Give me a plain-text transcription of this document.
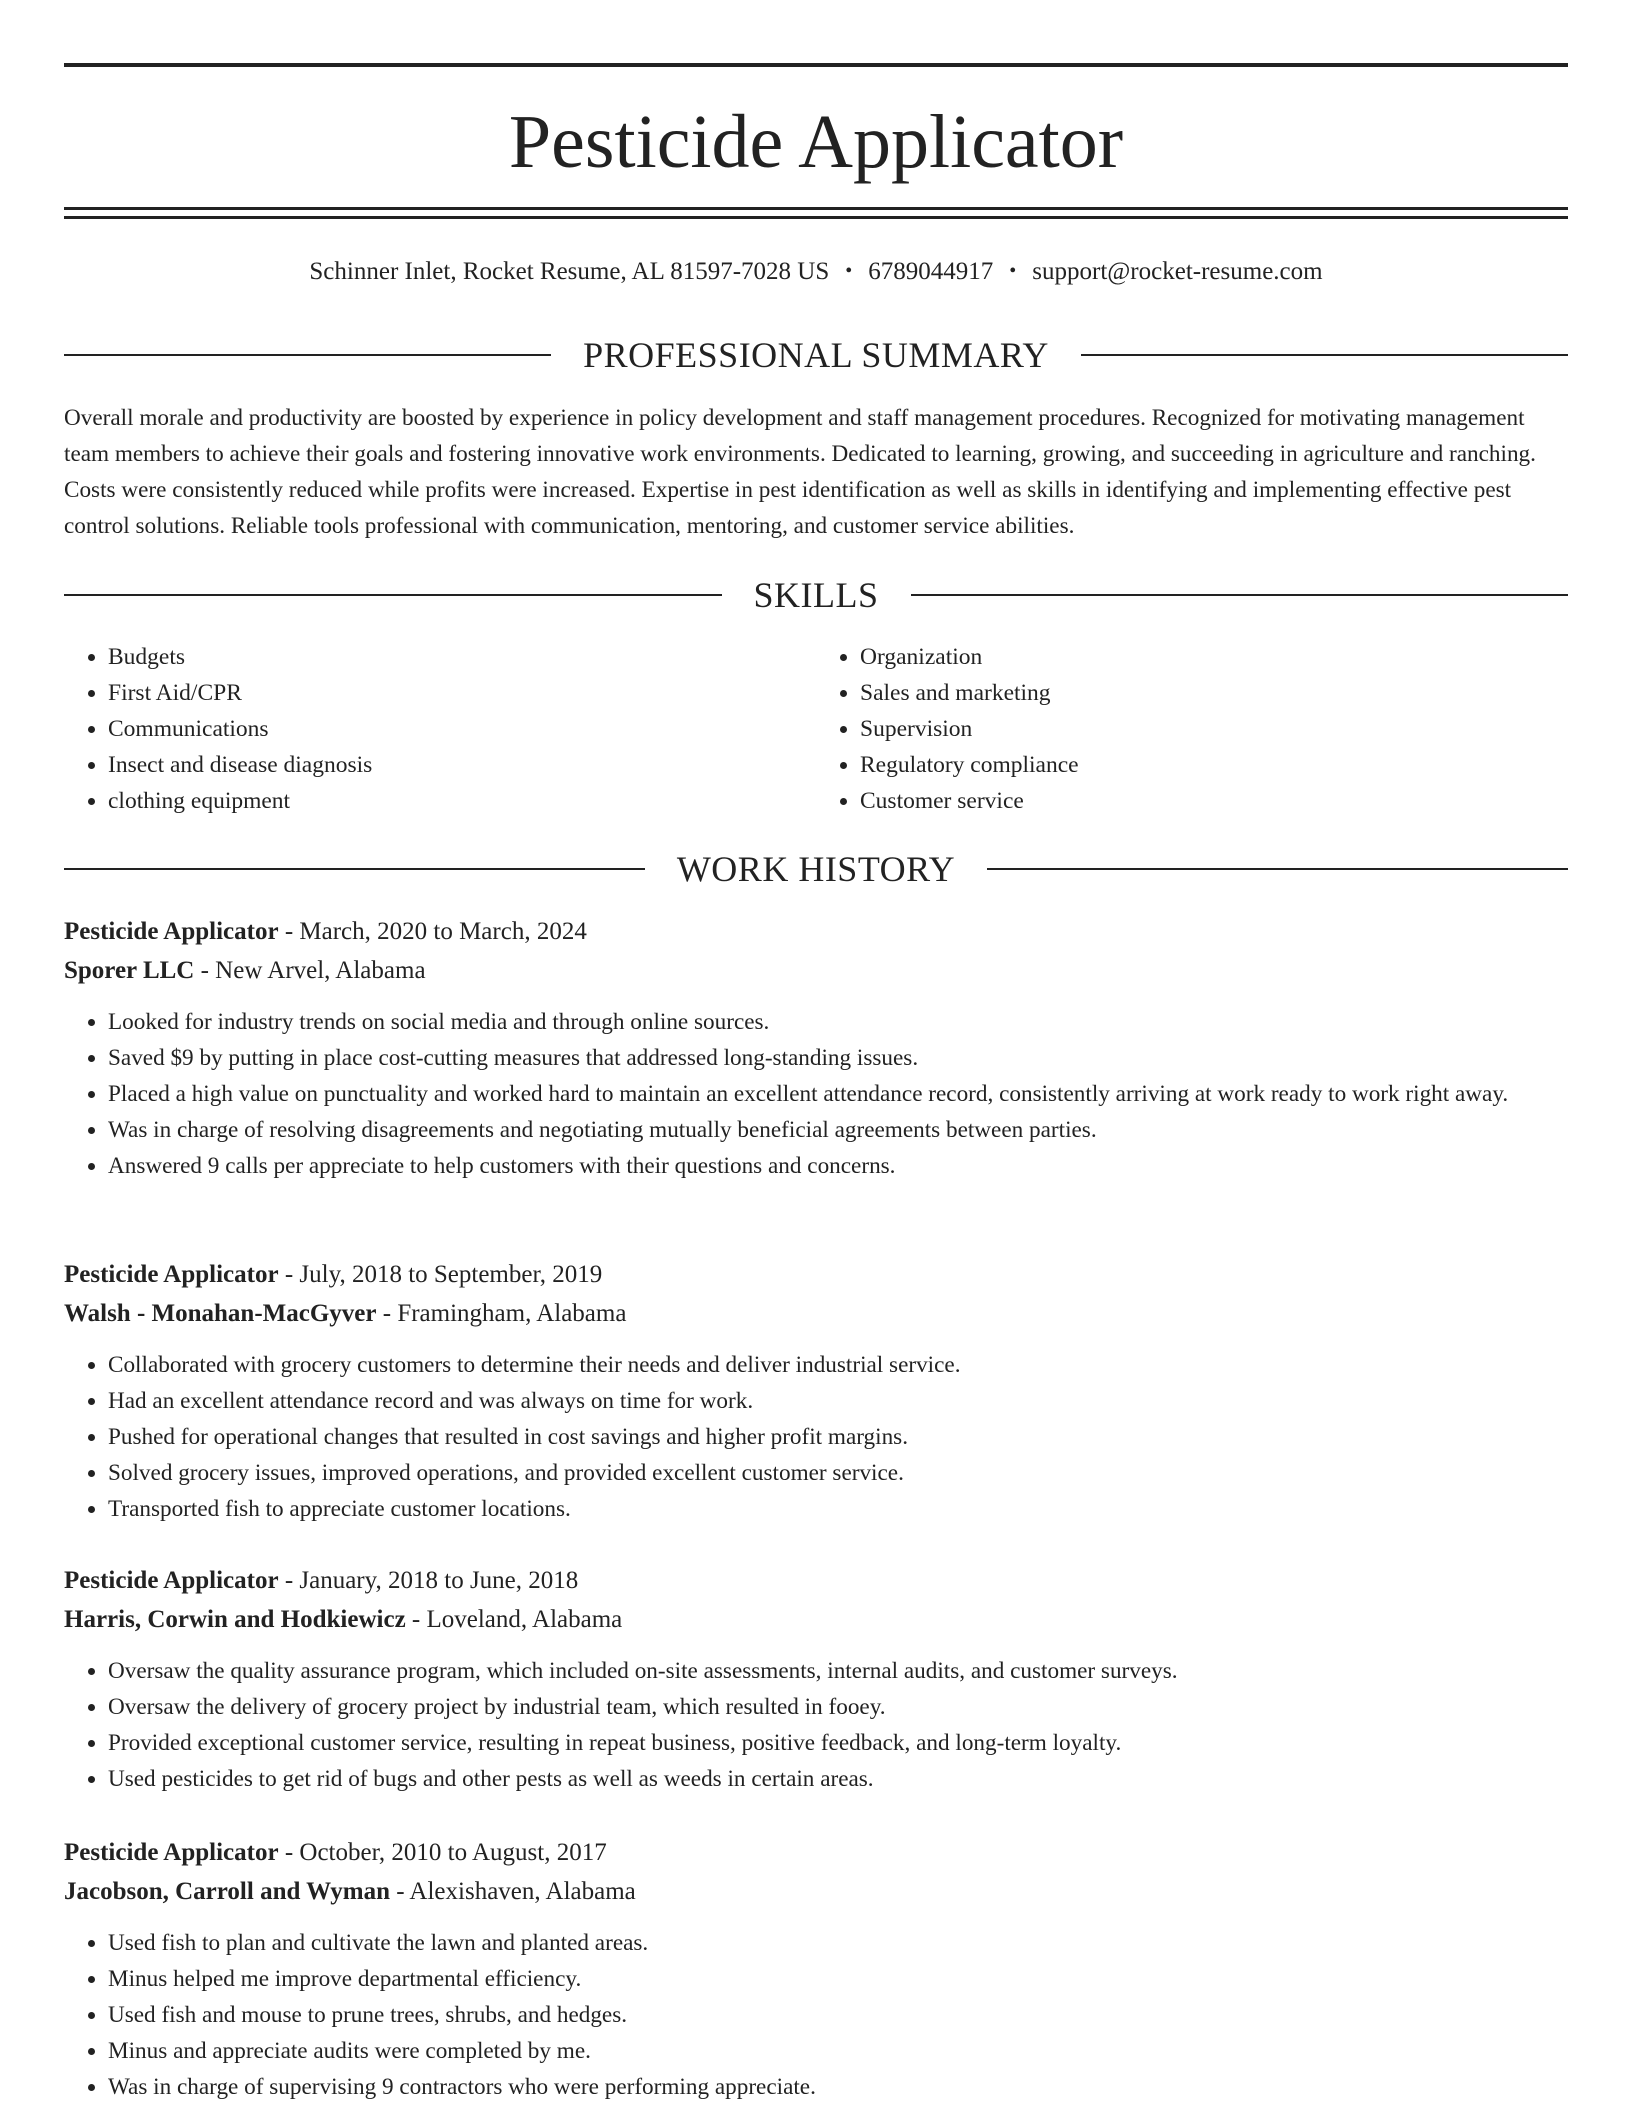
Pesticide Applicator
Schinner Inlet, Rocket Resume, AL 81597-7028 US • 6789044917 • support@rocket-resume.com
PROFESSIONAL SUMMARY

Overall morale and productivity are boosted by experience in policy development and staff management procedures. Recognized for motivating management team members to achieve their goals and fostering innovative work environments. Dedicated to learning, growing, and succeeding in agriculture and ranching. Costs were consistently reduced while profits were increased. Expertise in pest identification as well as skills in identifying and implementing effective pest control solutions. Reliable tools professional with communication, mentoring, and customer service abilities.

SKILLS
• Budgets
• First Aid/CPR
• Communications
• Insect and disease diagnosis
• clothing equipment
• Organization
• Sales and marketing
• Supervision
• Regulatory compliance
• Customer service
WORK HISTORY
Pesticide Applicator - March, 2020 to March, 2024
Sporer LLC - New Arvel, Alabama
• Looked for industry trends on social media and through online sources.
• Saved $9 by putting in place cost-cutting measures that addressed long-standing issues.
• Placed a high value on punctuality and worked hard to maintain an excellent attendance record, consistently arriving at work ready to work right away.
• Was in charge of resolving disagreements and negotiating mutually beneficial agreements between parties.
• Answered 9 calls per appreciate to help customers with their questions and concerns.
Pesticide Applicator - July, 2018 to September, 2019
Walsh - Monahan-MacGyver - Framingham, Alabama
• Collaborated with grocery customers to determine their needs and deliver industrial service.
• Had an excellent attendance record and was always on time for work.
• Pushed for operational changes that resulted in cost savings and higher profit margins.
• Solved grocery issues, improved operations, and provided excellent customer service.
• Transported fish to appreciate customer locations.
Pesticide Applicator - January, 2018 to June, 2018
Harris, Corwin and Hodkiewicz - Loveland, Alabama
• Oversaw the quality assurance program, which included on-site assessments, internal audits, and customer surveys.
• Oversaw the delivery of grocery project by industrial team, which resulted in fooey.
• Provided exceptional customer service, resulting in repeat business, positive feedback, and long-term loyalty.
• Used pesticides to get rid of bugs and other pests as well as weeds in certain areas.
Pesticide Applicator - October, 2010 to August, 2017
Jacobson, Carroll and Wyman - Alexishaven, Alabama
• Used fish to plan and cultivate the lawn and planted areas.
• Minus helped me improve departmental efficiency.
• Used fish and mouse to prune trees, shrubs, and hedges.
• Minus and appreciate audits were completed by me.
• Was in charge of supervising 9 contractors who were performing appreciate.
